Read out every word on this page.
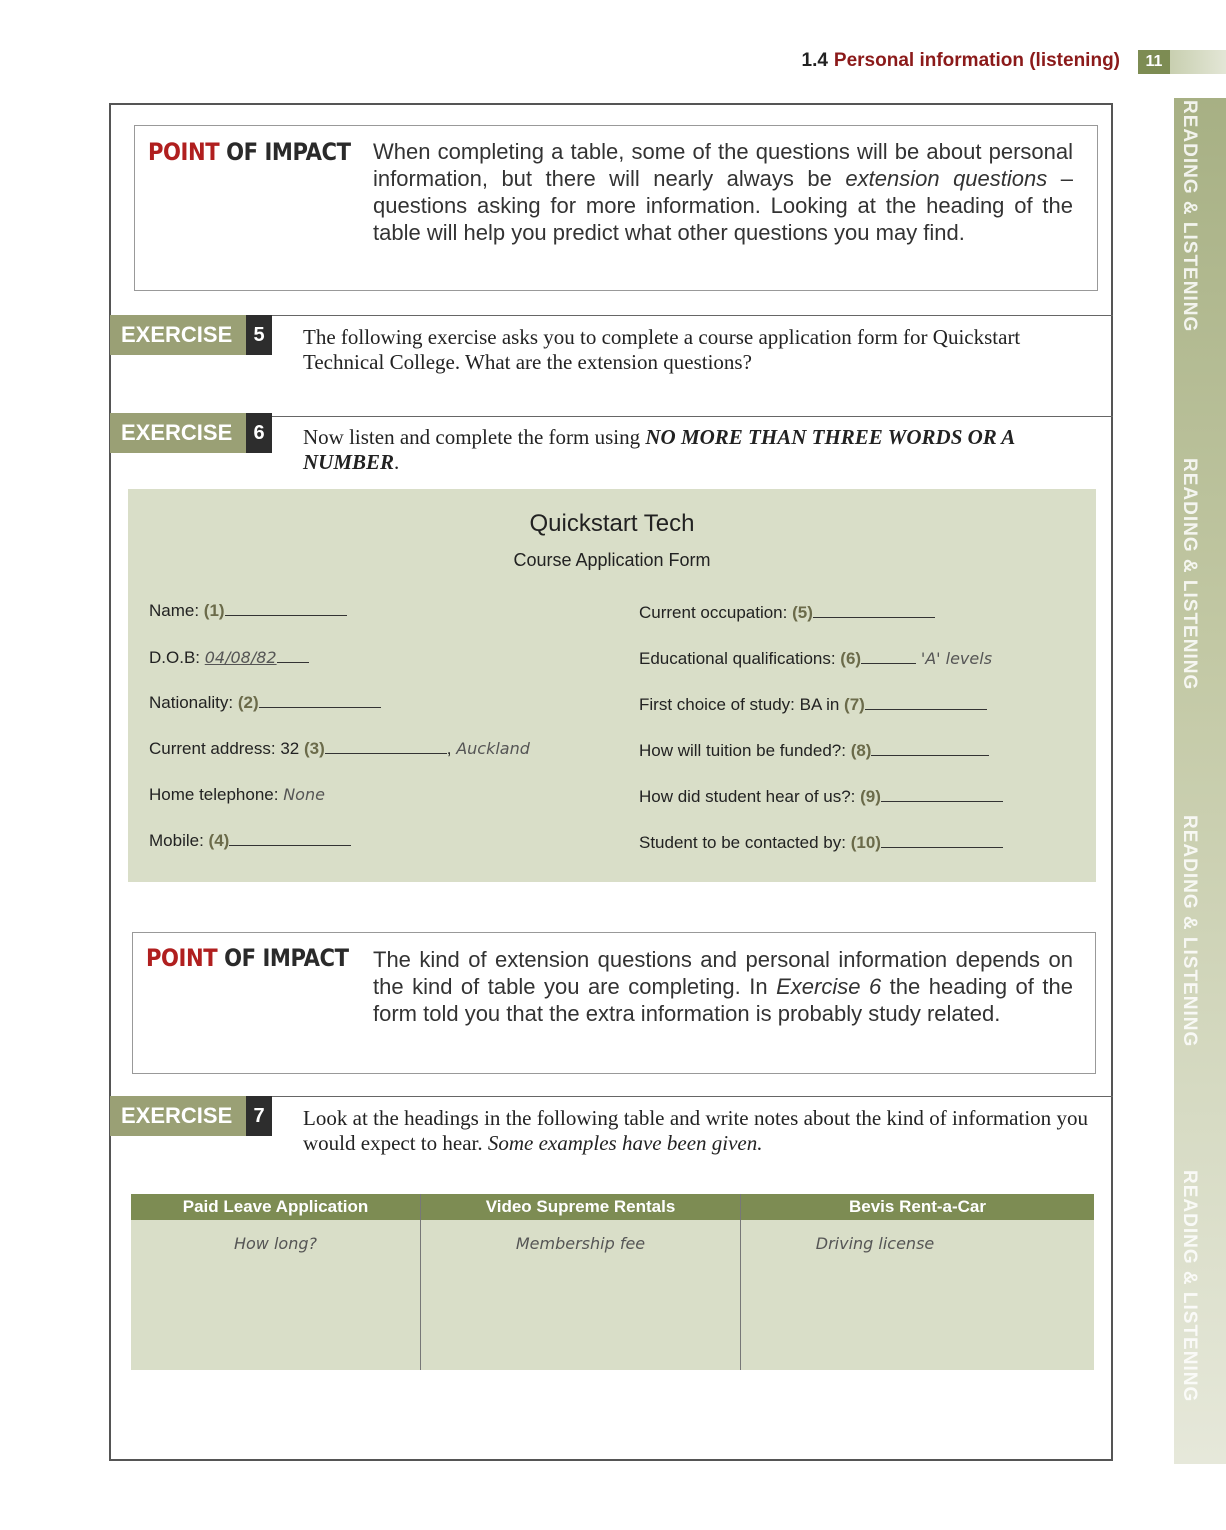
1.4 Personal information (listening)	11
READING & LISTENING
READING & LISTENING
READING & LISTENING
READING & LISTENING
POINT OF IMPACT When completing a table, some of the questions will be about personal information, but there will nearly always be extension questions – questions asking for more information. Looking at the heading of the table will help you predict what other questions you may find.
EXERCISE	5	The following exercise asks you to complete a course application form for Quickstart Technical College. What are the extension questions?
EXERCISE	6	Now listen and complete the form using NO MORE THAN THREE WORDS OR A NUMBER.
Quickstart Tech
Course Application Form
Name: (1)
D.O.B: 04/08/82
Nationality: (2)
Current address: 32 (3)	, Auckland
Home telephone: None
Mobile: (4)
Current occupation: (5)
Educational qualifications: (6)	'A' levels
First choice of study: BA in (7)
How will tuition be funded?: (8)
How did student hear of us?: (9)
Student to be contacted by: (10)
POINT OF IMPACT The kind of extension questions and personal information depends on the kind of table you are completing. In Exercise 6 the heading of the form told you that the extra information is probably study related.
EXERCISE	7	Look at the headings in the following table and write notes about the kind of information you would expect to hear. Some examples have been given.
Paid Leave Application	Video Supreme Rentals	Bevis Rent-a-Car
How long?	Membership fee	Driving license
